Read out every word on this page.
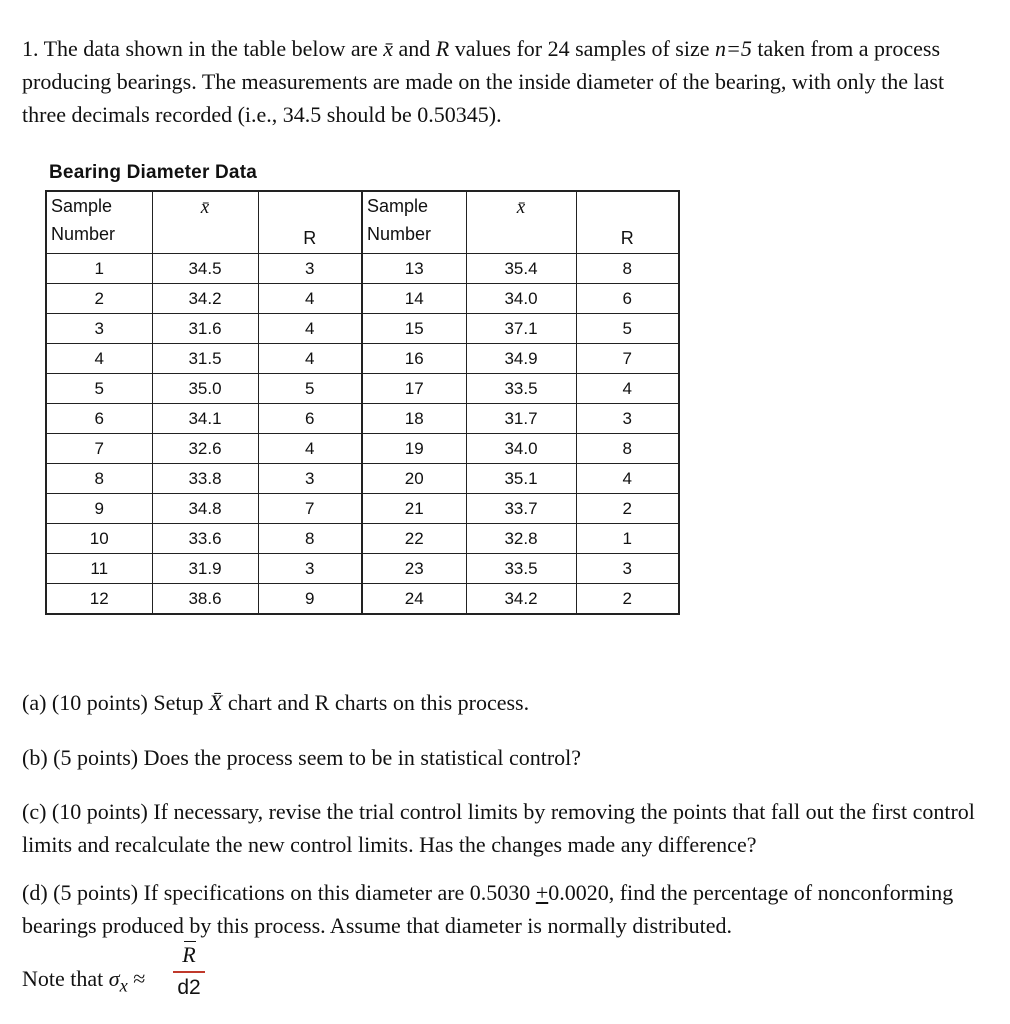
1. The data shown in the table below are x̄ and R values for 24 samples of size n=5 taken from a process producing bearings. The measurements are made on the inside diameter of the bearing, with only the last three decimals recorded (i.e., 34.5 should be 0.50345).
Bearing Diameter Data
Sample Number	x̄	R	Sample Number	x̄	R
1	34.5	3	13	35.4	8
2	34.2	4	14	34.0	6
3	31.6	4	15	37.1	5
4	31.5	4	16	34.9	7
5	35.0	5	17	33.5	4
6	34.1	6	18	31.7	3
7	32.6	4	19	34.0	8
8	33.8	3	20	35.1	4
9	34.8	7	21	33.7	2
10	33.6	8	22	32.8	1
11	31.9	3	23	33.5	3
12	38.6	9	24	34.2	2
(a) (10 points) Setup X̄ chart and R charts on this process.
(b) (5 points) Does the process seem to be in statistical control?
(c) (10 points) If necessary, revise the trial control limits by removing the points that fall out the first control limits and recalculate the new control limits. Has the changes made any difference?
(d) (5 points) If specifications on this diameter are 0.5030 +0.0020, find the percentage of nonconforming bearings produced by this process. Assume that diameter is normally distributed.
Note that $\sigma_x$ ≈
R
d2
